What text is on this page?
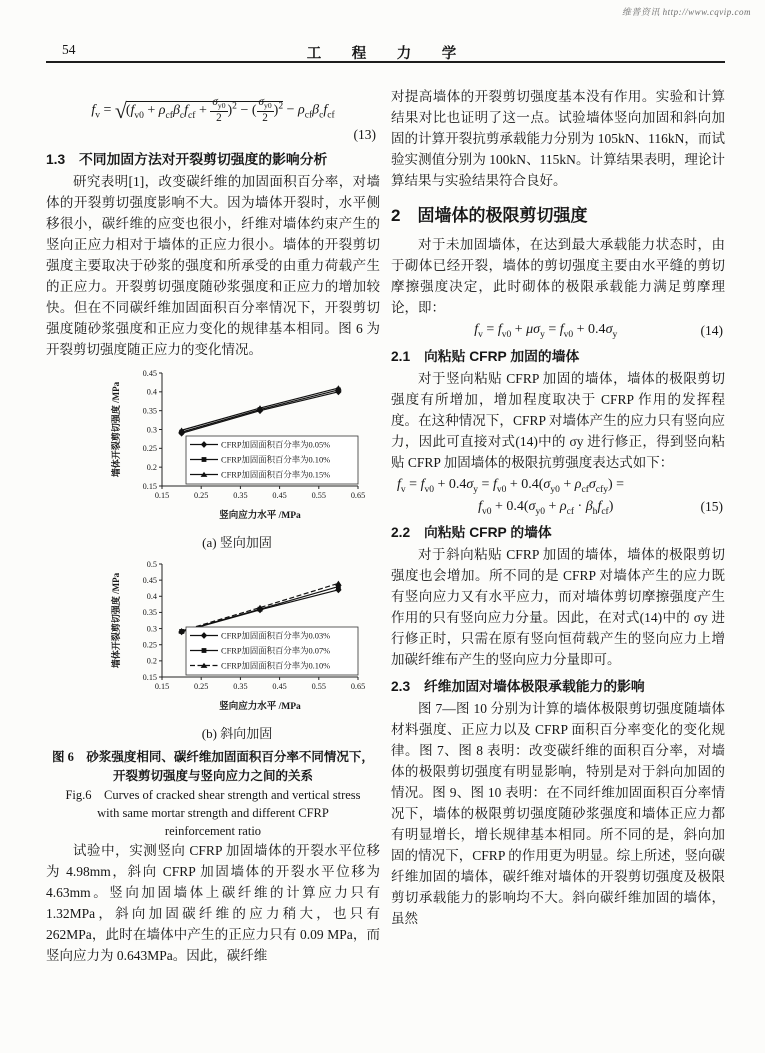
维普资讯 http://www.cqvip.com
54	工　程　力　学
$f_v = √(f_{v0} + \rho_{cf}\beta_cf_{cf} + \frac{\sigma_{y0}}{2} )^2$ − ( $\frac{\sigma_{y0}}{2} )^2 - \rho_{cf}\beta_cf_{cf}$
(13)
1.3　不同加固方法对开裂剪切强度的影响分析

研究表明[1]，改变碳纤维的加固面积百分率，对墙体的开裂剪切强度影响不大。因为墙体开裂时，水平侧移很小，碳纤维的应变也很小，纤维对墙体约束产生的竖向正应力相对于墙体的正应力很小。墙体的开裂剪切强度主要取决于砂浆的强度和所承受的由重力荷载产生的正应力。开裂剪切强度随砂浆强度和正应力的增加较快。但在不同碳纤维加固面积百分率情况下，开裂剪切强度随砂浆强度和正应力变化的规律基本相同。图 6 为开裂剪切强度随正应力的变化情况。

0.15
0.2
0.25
0.3
0.35
0.4
0.45
0.15	0.25	0.35	0.45	0.55	0.65
CFRP加固面积百分率为0.05%
CFRP加固面积百分率为0.10%
CFRP加固面积百分率为0.15%
墙体开裂剪切强度 /MPa
竖向应力水平 /MPa
(a) 竖向加固
0.15
0.2
0.25
0.3
0.35
0.4
0.45
0.5
0.15	0.25	0.35	0.45	0.55	0.65
CFRP加固面积百分率为0.03%
CFRP加固面积百分率为0.07%
CFRP加固面积百分率为0.10%
墙体开裂剪切强度 /MPa
竖向应力水平 /MPa
(b) 斜向加固
图 6　砂浆强度相同、碳纤维加固面积百分率不同情况下，
开裂剪切强度与竖向应力之间的关系
Fig.6　Curves of cracked shear strength and vertical stress
with same mortar strength and different CFRP
reinforcement ratio

试验中，实测竖向 CFRP 加固墙体的开裂水平位移为 4.98mm，斜向 CFRP 加固墙体的开裂水平位移为 4.63mm。竖向加固墙体上碳纤维的计算应力只有 1.32MPa，斜向加固碳纤维的应力稍大，也只有 262MPa，此时在墙体中产生的正应力只有 0.09 MPa，而竖向应力为 0.643MPa。因此，碳纤维

对提高墙体的开裂剪切强度基本没有作用。实验和计算结果对比也证明了这一点。试验墙体竖向加固和斜向加固的计算开裂抗剪承载能力分别为 105kN、116kN，而试验实测值分别为 100kN、115kN。计算结果表明，理论计算结果与实验结果符合良好。

2　固墙体的极限剪切强度

对于未加固墙体，在达到最大承载能力状态时，由于砌体已经开裂，墙体的剪切强度主要由水平缝的剪切摩擦强度决定，此时砌体的极限承载能力满足剪摩理论，即：

$f_v = f_{v0} + \mu\sigma_y = f_{v0} + 0.4\sigma_y$	(14)
2.1　向粘贴 CFRP 加固的墙体

对于竖向粘贴 CFRP 加固的墙体，墙体的极限剪切强度有所增加，增加程度取决于 CFRP 作用的发挥程度。在这种情况下，CFRP 对墙体产生的应力只有竖向应力，因此可直接对式(14)中的 σy 进行修正，得到竖向粘贴 CFRP 加固墙体的极限抗剪强度表达式如下：

$f_v = f_{v0} + 0.4\sigma_y = f_{v0} + 0.4(\sigma_{y0} + \rho_{cf}\sigma_{cfy})$ =
$f_{v0} + 0.4(\sigma_{y0} + \rho_{cf} \cdot \beta_hf_{cf})$	(15)
2.2　向粘贴 CFRP 的墙体

对于斜向粘贴 CFRP 加固的墙体，墙体的极限剪切强度也会增加。所不同的是 CFRP 对墙体产生的应力既有竖向应力又有水平应力，而对墙体剪切摩擦强度产生作用的只有竖向应力分量。因此，在对式(14)中的 σy 进行修正时，只需在原有竖向恒荷载产生的竖向应力上增加碳纤维布产生的竖向应力分量即可。

2.3　纤维加固对墙体极限承载能力的影响

图 7—图 10 分别为计算的墙体极限剪切强度随墙体材料强度、正应力以及 CFRP 面积百分率变化的变化规律。图 7、图 8 表明：改变碳纤维的面积百分率，对墙体的极限剪切强度有明显影响，特别是对于斜向加固的情况。图 9、图 10 表明：在不同纤维加固面积百分率情况下，墙体的极限剪切强度随砂浆强度和墙体正应力都有明显增长，增长规律基本相同。所不同的是，斜向加固的情况下，CFRP 的作用更为明显。综上所述，竖向碳纤维加固的墙体，碳纤维对墙体的开裂剪切强度及极限剪切承载能力的影响均不大。斜向碳纤维加固的墙体，虽然
